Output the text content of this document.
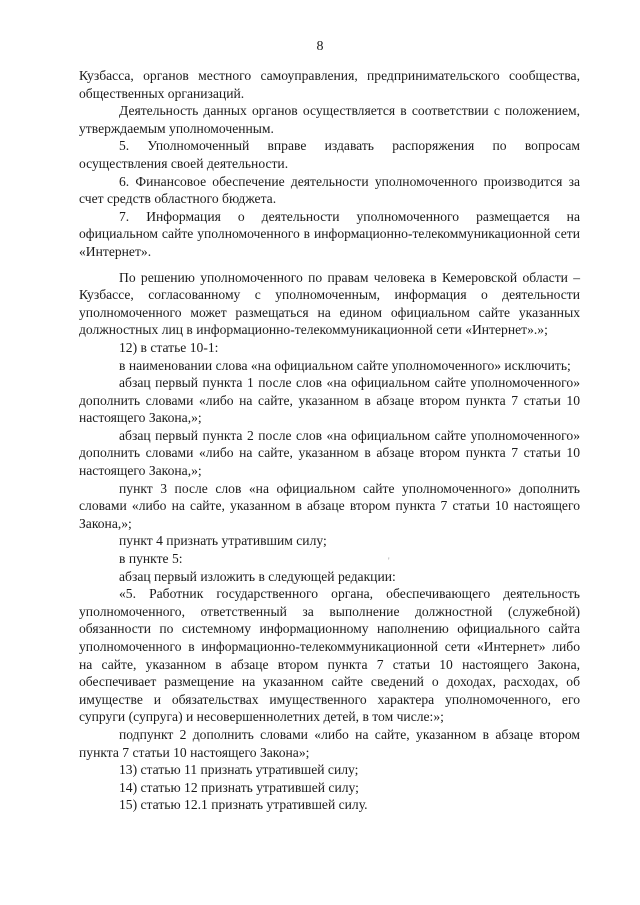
8

Кузбасса, органов местного самоуправления, предпринимательского сообщества, общественных организаций.

Деятельность данных органов осуществляется в соответствии с положением, утверждаемым уполномоченным.

5. Уполномоченный вправе издавать распоряжения по вопросам осуществления своей деятельности.

6. Финансовое обеспечение деятельности уполномоченного производится за счет средств областного бюджета.

7. Информация о деятельности уполномоченного размещается на официальном сайте уполномоченного в информационно-телекоммуникационной сети «Интернет».

По решению уполномоченного по правам человека в Кемеровской области – Кузбассе, согласованному с уполномоченным, информация о деятельности уполномоченного может размещаться на едином официальном сайте указанных должностных лиц в информационно-телекоммуникационной сети «Интернет».»;

12) в статье 10-1:

в наименовании слова «на официальном сайте уполномоченного» исключить;

абзац первый пункта 1 после слов «на официальном сайте уполномоченного» дополнить словами «либо на сайте, указанном в абзаце втором пункта 7 статьи 10 настоящего Закона,»;

абзац первый пункта 2 после слов «на официальном сайте уполномоченного» дополнить словами «либо на сайте, указанном в абзаце втором пункта 7 статьи 10 настоящего Закона,»;

пункт 3 после слов «на официальном сайте уполномоченного» дополнить словами «либо на сайте, указанном в абзаце втором пункта 7 статьи 10 настоящего Закона,»;

пункт 4 признать утратившим силу;

в пункте 5:

абзац первый изложить в следующей редакции:

«5. Работник государственного органа, обеспечивающего деятельность уполномоченного, ответственный за выполнение должностной (служебной) обязанности по системному информационному наполнению официального сайта уполномоченного в информационно-телекоммуникационной сети «Интернет» либо на сайте, указанном в абзаце втором пункта 7 статьи 10 настоящего Закона, обеспечивает размещение на указанном сайте сведений о доходах, расходах, об имуществе и обязательствах имущественного характера уполномоченного, его супруги (супруга) и несовершеннолетних детей, в том числе:»;

подпункт 2 дополнить словами «либо на сайте, указанном в абзаце втором пункта 7 статьи 10 настоящего Закона»;

13) статью 11 признать утратившей силу;

14) статью 12 признать утратившей силу;

15) статью 12.1 признать утратившей силу.

'
